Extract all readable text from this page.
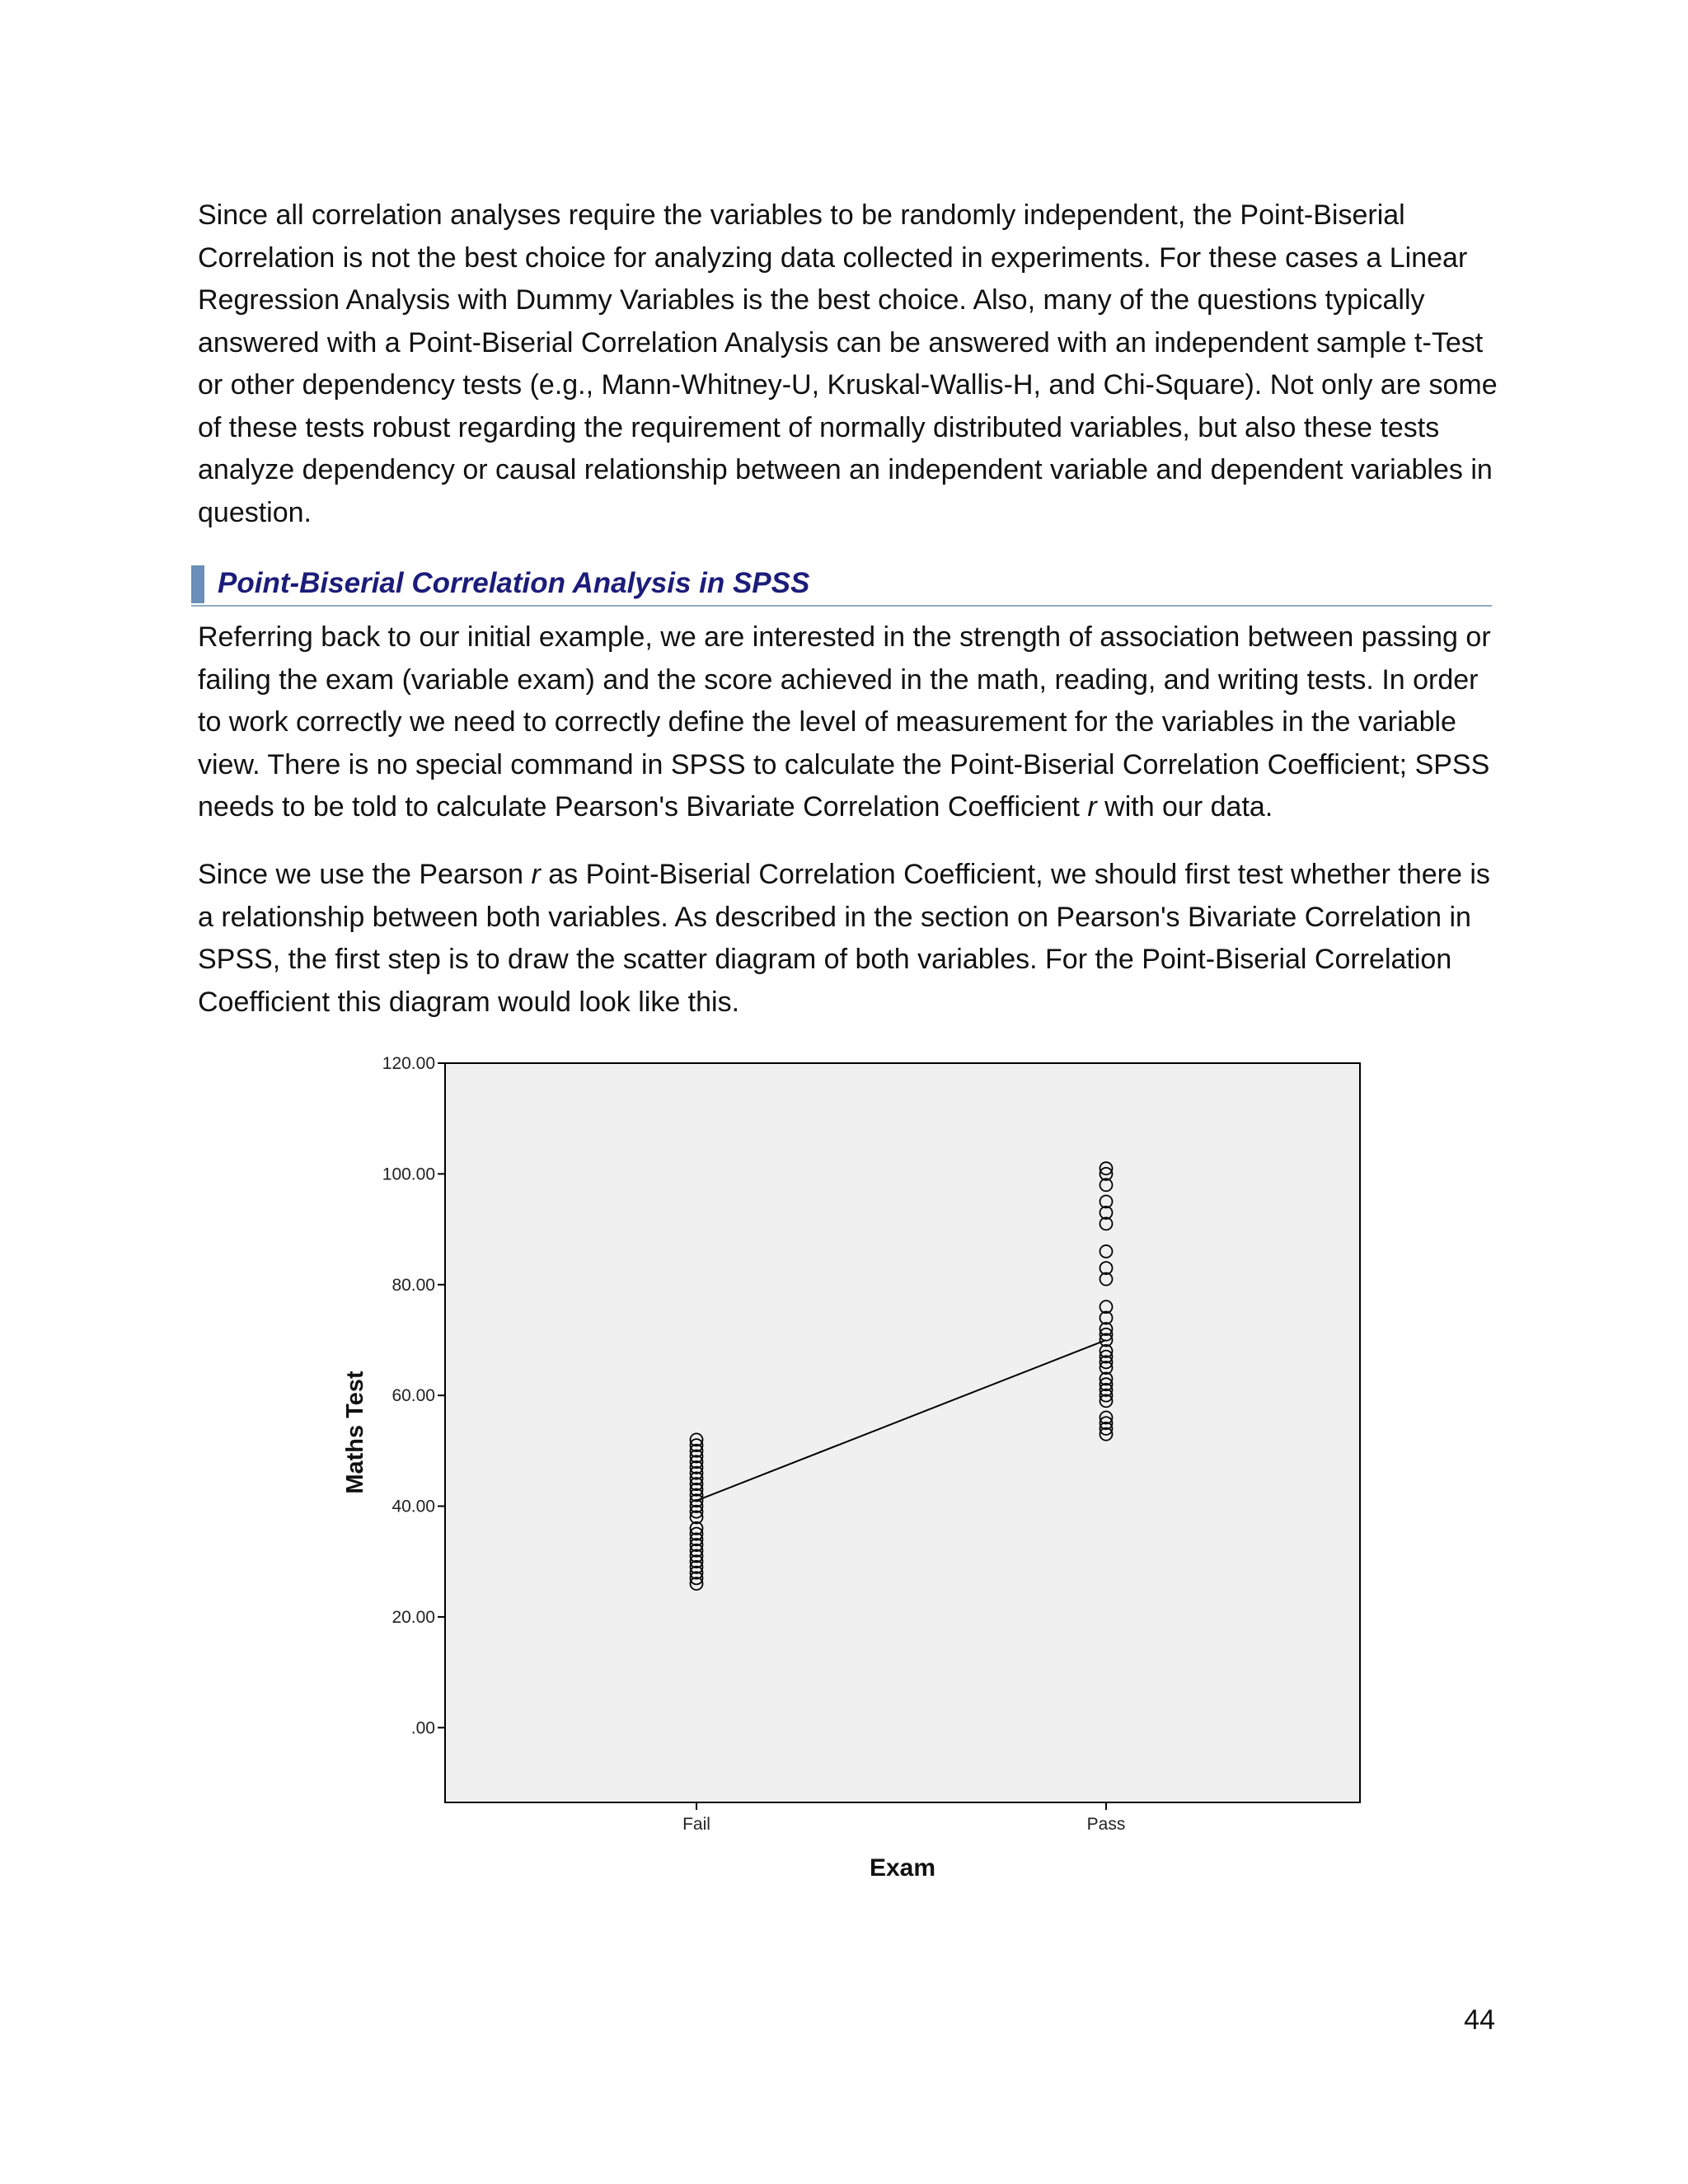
Since all correlation analyses require the variables to be randomly independent, the Point-Biserial Correlation is not the best choice for analyzing data collected in experiments. For these cases a Linear Regression Analysis with Dummy Variables is the best choice. Also, many of the questions typically answered with a Point-Biserial Correlation Analysis can be answered with an independent sample t-Test or other dependency tests (e.g., Mann-Whitney-U, Kruskal-Wallis-H, and Chi-Square). Not only are some of these tests robust regarding the requirement of normally distributed variables, but also these tests analyze dependency or causal relationship between an independent variable and dependent variables in question.

Point-Biserial Correlation Analysis in SPSS

Referring back to our initial example, we are interested in the strength of association between passing or failing the exam (variable exam) and the score achieved in the math, reading, and writing tests. In order to work correctly we need to correctly define the level of measurement for the variables in the variable view. There is no special command in SPSS to calculate the Point-Biserial Correlation Coefficient; SPSS needs to be told to calculate Pearson's Bivariate Correlation Coefficient r with our data.

Since we use the Pearson r as Point-Biserial Correlation Coefficient, we should first test whether there is a relationship between both variables. As described in the section on Pearson's Bivariate Correlation in SPSS, the first step is to draw the scatter diagram of both variables. For the Point-Biserial Correlation Coefficient this diagram would look like this.

.00
20.00
40.00
60.00
80.00
100.00
120.00
Fail	Pass
Exam
Maths Test
44
